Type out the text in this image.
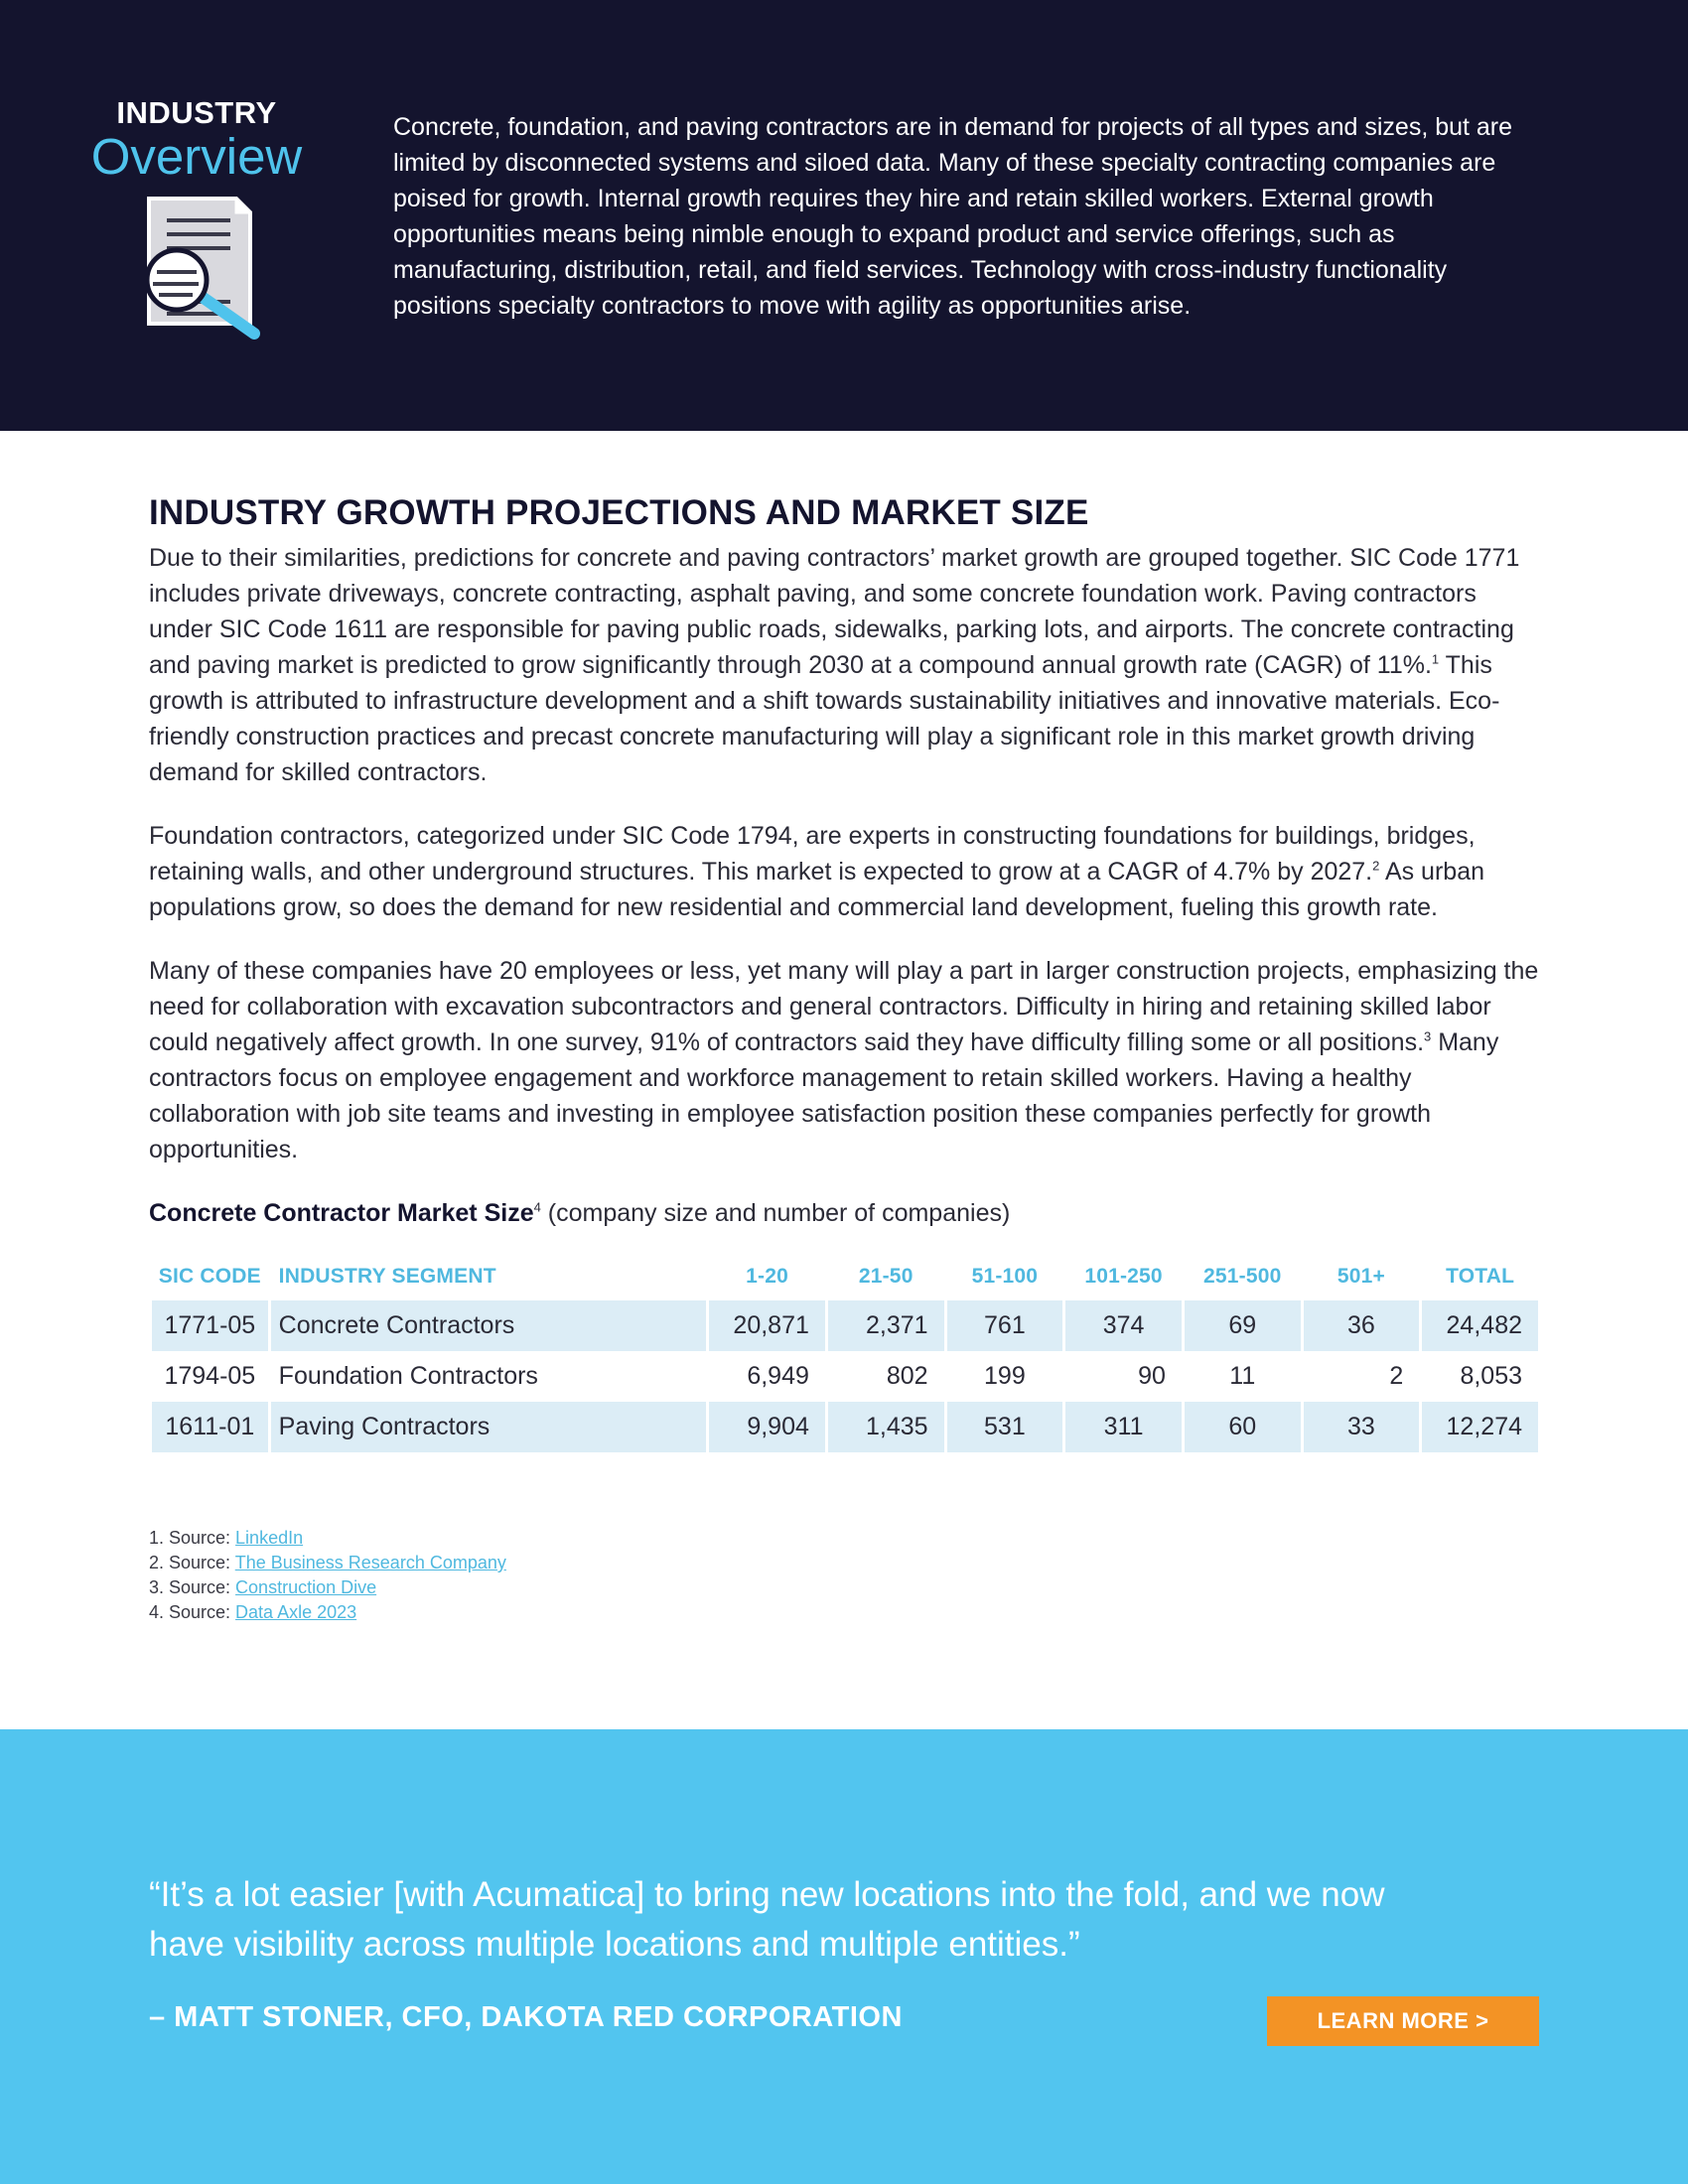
INDUSTRY
Overview
Concrete, foundation, and paving contractors are in demand for projects of all types and sizes, but are limited by disconnected systems and siloed data. Many of these specialty contracting companies are poised for growth. Internal growth requires they hire and retain skilled workers. External growth opportunities means being nimble enough to expand product and service offerings, such as manufacturing, distribution, retail, and field services. Technology with cross-industry functionality positions specialty contractors to move with agility as opportunities arise.
INDUSTRY GROWTH PROJECTIONS AND MARKET SIZE

Due to their similarities, predictions for concrete and paving contractors’ market growth are grouped together. SIC Code 1771 includes private driveways, concrete contracting, asphalt paving, and some concrete foundation work. Paving contractors under SIC Code 1611 are responsible for paving public roads, sidewalks, parking lots, and airports. The concrete contracting and paving market is predicted to grow significantly through 2030 at a compound annual growth rate (CAGR) of 11%.$^1$ This growth is attributed to infrastructure development and a shift towards sustainability initiatives and innovative materials. Eco-friendly construction practices and precast concrete manufacturing will play a significant role in this market growth driving demand for skilled contractors.

Foundation contractors, categorized under SIC Code 1794, are experts in constructing foundations for buildings, bridges, retaining walls, and other underground structures. This market is expected to grow at a CAGR of 4.7% by 2027.$^2$ As urban populations grow, so does the demand for new residential and commercial land development, fueling this growth rate.

Many of these companies have 20 employees or less, yet many will play a part in larger construction projects, emphasizing the need for collaboration with excavation subcontractors and general contractors. Difficulty in hiring and retaining skilled labor could negatively affect growth. In one survey, 91% of contractors said they have difficulty filling some or all positions.$^3$ Many contractors focus on employee engagement and workforce management to retain skilled workers. Having a healthy collaboration with job site teams and investing in employee satisfaction position these companies perfectly for growth opportunities.

Concrete Contractor Market Size$^4$ (company size and number of companies)

SIC CODE	INDUSTRY SEGMENT	1-20	21-50	51-100	101-250	251-500	501+	TOTAL
1771-05	Concrete Contractors	20,871	2,371	761	374	69	36	24,482
1794-05	Foundation Contractors	6,949	802	199	90	11	2	8,053
1611-01	Paving Contractors	9,904	1,435	531	311	60	33	12,274
1. Source: LinkedIn
2. Source: The Business Research Company
3. Source: Construction Dive
4. Source: Data Axle 2023
“It’s a lot easier [with Acumatica] to bring new locations into the fold, and we now have visibility across multiple locations and multiple entities.”
– MATT STONER, CFO, DAKOTA RED CORPORATION	LEARN MORE >
